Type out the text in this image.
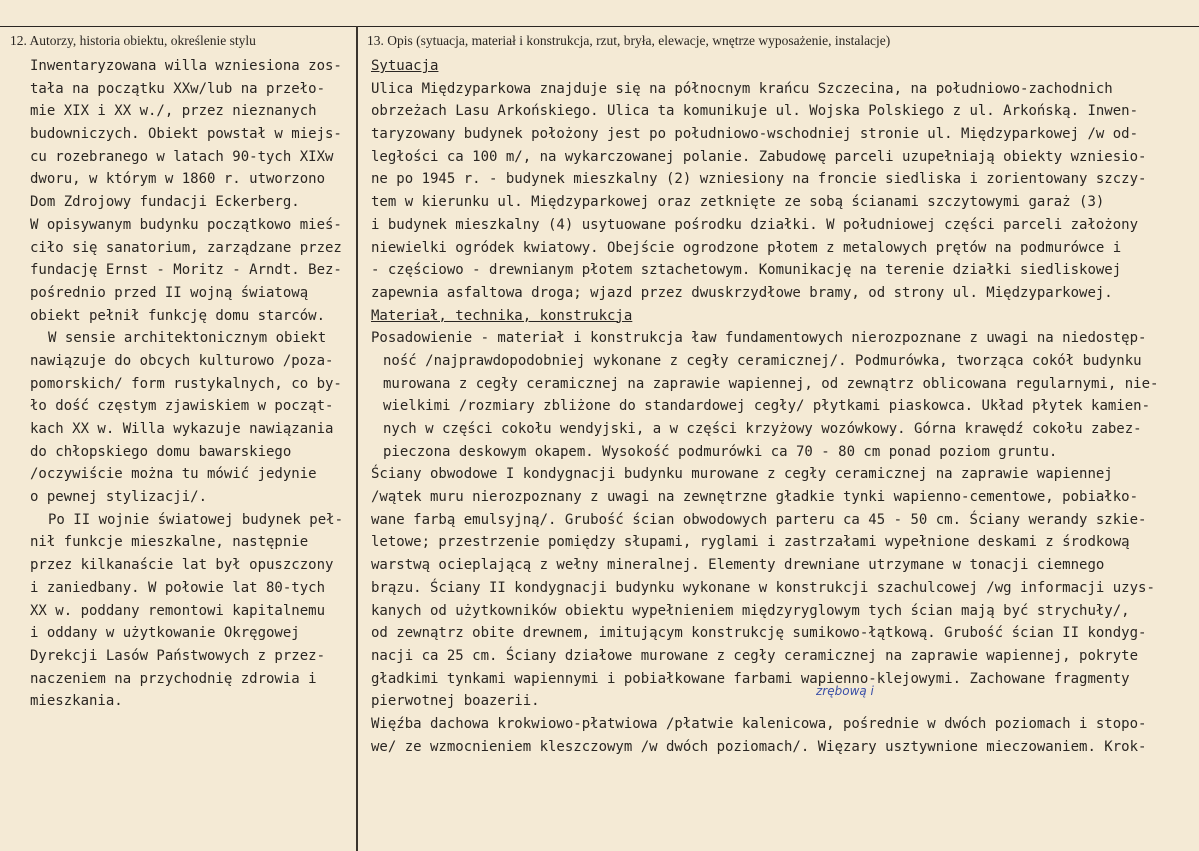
12. Autorzy, historia obiektu, określenie stylu	13. Opis (sytuacja, materiał i konstrukcja, rzut, bryła, elewacje, wnętrze wyposażenie, instalacje)
Inwentaryzowana willa wzniesiona zos-
tała na początku XXw/lub na przeło-
mie XIX i XX w./, przez nieznanych
budowniczych. Obiekt powstał w miejs-
cu rozebranego w latach 90-tych XIXw
dworu, w którym w 1860 r. utworzono
Dom Zdrojowy fundacji Eckerberg.
W opisywanym budynku początkowo mieś-
ciło się sanatorium, zarządzane przez
fundację Ernst - Moritz - Arndt. Bez-
pośrednio przed II wojną światową
obiekt pełnił funkcję domu starców.
W sensie architektonicznym obiekt
nawiązuje do obcych kulturowo /poza-
pomorskich/ form rustykalnych, co by-
ło dość częstym zjawiskiem w począt-
kach XX w. Willa wykazuje nawiązania
do chłopskiego domu bawarskiego
/oczywiście można tu mówić jedynie
o pewnej stylizacji/.
Po II wojnie światowej budynek peł-
nił funkcje mieszkalne, następnie
przez kilkanaście lat był opuszczony
i zaniedbany. W połowie lat 80-tych
XX w. poddany remontowi kapitalnemu
i oddany w użytkowanie Okręgowej
Dyrekcji Lasów Państwowych z przez-
naczeniem na przychodnię zdrowia i
mieszkania.
Sytuacja
Ulica Międzyparkowa znajduje się na północnym krańcu Szczecina, na południowo-zachodnich
obrzeżach Lasu Arkońskiego. Ulica ta komunikuje ul. Wojska Polskiego z ul. Arkońską. Inwen-
taryzowany budynek położony jest po południowo-wschodniej stronie ul. Międzyparkowej /w od-
ległości ca 100 m/, na wykarczowanej polanie. Zabudowę parceli uzupełniają obiekty wzniesio-
ne po 1945 r. - budynek mieszkalny (2) wzniesiony na froncie siedliska i zorientowany szczy-
tem w kierunku ul. Międzyparkowej oraz zetknięte ze sobą ścianami szczytowymi garaż (3)
i budynek mieszkalny (4) usytuowane pośrodku działki. W południowej części parceli założony
niewielki ogródek kwiatowy. Obejście ogrodzone płotem z metalowych prętów na podmurówce i
- częściowo - drewnianym płotem sztachetowym. Komunikację na terenie działki siedliskowej
zapewnia asfaltowa droga; wjazd przez dwuskrzydłowe bramy, od strony ul. Międzyparkowej.
Materiał, technika, konstrukcja
Posadowienie - materiał i konstrukcja ław fundamentowych nierozpoznane z uwagi na niedostęp-
ność /najprawdopodobniej wykonane z cegły ceramicznej/. Podmurówka, tworząca cokół budynku
murowana z cegły ceramicznej na zaprawie wapiennej, od zewnątrz oblicowana regularnymi, nie-
wielkimi /rozmiary zbliżone do standardowej cegły/ płytkami piaskowca. Układ płytek kamien-
nych w części cokołu wendyjski, a w części krzyżowy wozówkowy. Górna krawędź cokołu zabez-
pieczona deskowym okapem. Wysokość podmurówki ca 70 - 80 cm ponad poziom gruntu.
Ściany obwodowe I kondygnacji budynku murowane z cegły ceramicznej na zaprawie wapiennej
/wątek muru nierozpoznany z uwagi na zewnętrzne gładkie tynki wapienno-cementowe, pobiałko-
wane farbą emulsyjną/. Grubość ścian obwodowych parteru ca 45 - 50 cm. Ściany werandy szkie-
letowe; przestrzenie pomiędzy słupami, ryglami i zastrzałami wypełnione deskami z środkową
warstwą ocieplającą z wełny mineralnej. Elementy drewniane utrzymane w tonacji ciemnego
brązu. Ściany II kondygnacji budynku wykonane w konstrukcji szachulcowej /wg informacji uzys-
kanych od użytkowników obiektu wypełnieniem międzyryglowym tych ścian mają być strychuły/,
od zewnątrz obite drewnem, imitującym konstrukcję sumikowo-łątkową. Grubość ścian II kondyg-
nacji ca 25 cm. Ściany działowe murowane z cegły ceramicznej na zaprawie wapiennej, pokryte
gładkimi tynkami wapiennymi i pobiałkowane farbami wapienno-klejowymi. Zachowane fragmenty
pierwotnej boazerii.
Więźba dachowa krokwiowo-płatwiowa /płatwie kalenicowa, pośrednie w dwóch poziomach i stopo-
we/ ze wzmocnieniem kleszczowym /w dwóch poziomach/. Więzary usztywnione mieczowaniem. Krok-
zrębową i
